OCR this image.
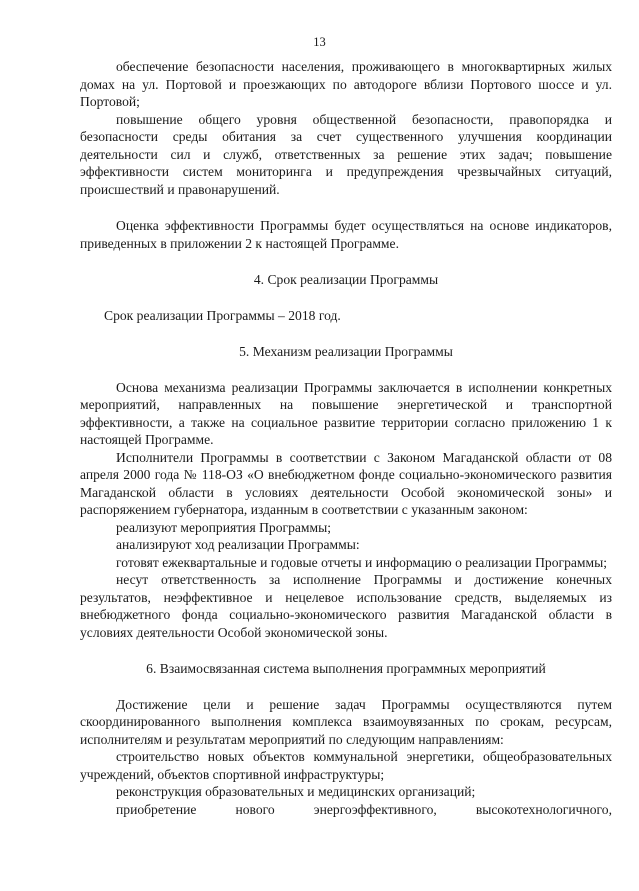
13

обеспечение безопасности населения, проживающего в многоквартирных жилых домах на ул. Портовой и проезжающих по автодороге вблизи Портового шоссе и ул. Портовой;

повышение общего уровня общественной безопасности, правопорядка и безопасности среды обитания за счет существенного улучшения координации деятельности сил и служб, ответственных за решение этих задач; повышение эффективности систем мониторинга и предупреждения чрезвычайных ситуаций, происшествий и правонарушений.

Оценка эффективности Программы будет осуществляться на основе индикаторов, приведенных в приложении 2 к настоящей Программе.

4. Срок реализации Программы

Срок реализации Программы – 2018 год.

5. Механизм реализации Программы

Основа механизма реализации Программы заключается в исполнении конкретных мероприятий, направленных на повышение энергетической и транспортной эффективности, а также на социальное развитие территории согласно приложению 1 к настоящей Программе.

Исполнители Программы в соответствии с Законом Магаданской области от 08 апреля 2000 года № 118-ОЗ «О внебюджетном фонде социально-экономического развития Магаданской области в условиях деятельности Особой экономической зоны» и распоряжением губернатора, изданным в соответствии с указанным законом:

реализуют мероприятия Программы;

анализируют ход реализации Программы:

готовят ежеквартальные и годовые отчеты и информацию о реализации Программы;

несут ответственность за исполнение Программы и достижение конечных результатов, неэффективное и нецелевое использование средств, выделяемых из внебюджетного фонда социально-экономического развития Магаданской области в условиях деятельности Особой экономической зоны.

6. Взаимосвязанная система выполнения программных мероприятий

Достижение цели и решение задач Программы осуществляются путем скоординированного выполнения комплекса взаимоувязанных по срокам, ресурсам, исполнителям и результатам мероприятий по следующим направлениям:

строительство новых объектов коммунальной энергетики, общеобразовательных учреждений, объектов спортивной инфраструктуры;

реконструкция образовательных и медицинских организаций;

приобретение нового энергоэффективного, высокотехнологичного,
